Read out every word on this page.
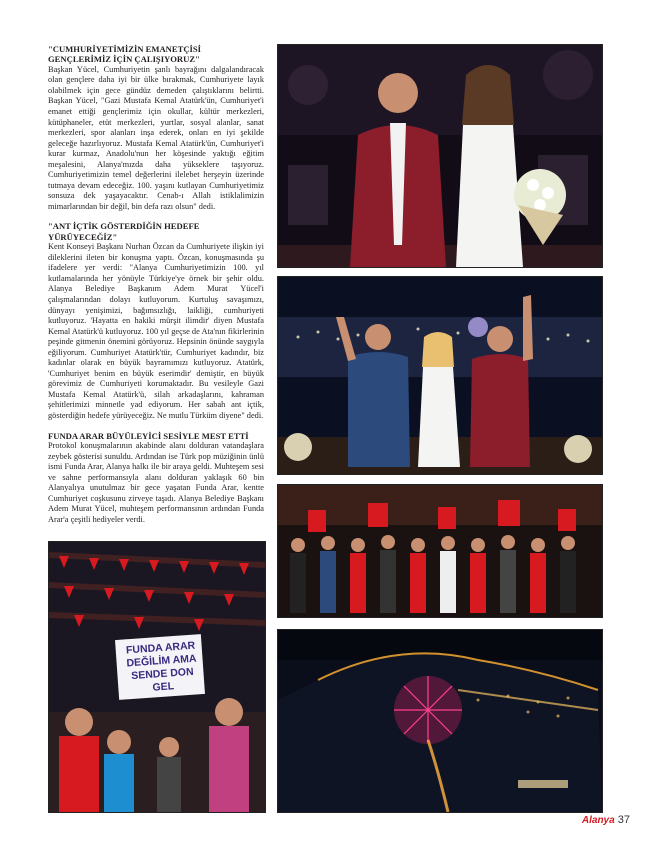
"CUMHURİYETİMİZİN EMANETÇİSİ GENÇLERİMİZ İÇİN ÇALIŞIYORUZ"

Başkan Yücel, Cumhuriyetin şanlı bayrağını dalgalandıracak olan gençlere daha iyi bir ülke bırakmak, Cumhuriyete layık olabilmek için gece gündüz demeden çalıştıklarını belirtti. Başkan Yücel, "Gazi Mustafa Kemal Atatürk'ün, Cumhuriyet'i emanet ettiği gençlerimiz için okullar, kültür merkezleri, kütüphaneler, etüt merkezleri, yurtlar, sosyal alanlar, sanat merkezleri, spor alanları inşa ederek, onları en iyi şekilde geleceğe hazırlıyoruz. Mustafa Kemal Atatürk'ün, Cumhuriyet'i kurar kurmaz, Anadolu'nun her köşesinde yaktığı eğitim meşalesini, Alanya'mızda daha yükseklere taşıyoruz. Cumhuriyetimizin temel değerlerini ilelebet herşeyin üzerinde tutmaya devam edeceğiz. 100. yaşını kutlayan Cumhuriyetimiz sonsuza dek yaşayacaktır. Cenab-ı Allah istiklalimizin mimarlarından bir değil, bin defa razı olsun" dedi.

"ANT İÇTİK GÖSTERDİĞİN HEDEFE YÜRÜYECEĞİZ"

Kent Konseyi Başkanı Nurhan Özcan da Cumhuriyete ilişkin iyi dileklerini ileten bir konuşma yaptı. Özcan, konuşmasında şu ifadelere yer verdi: "Alanya Cumhuriyetimizin 100. yıl kutlamalarında her yönüyle Türkiye'ye örnek bir şehir oldu. Alanya Belediye Başkanım Adem Murat Yücel'i çalışmalarından dolayı kutluyorum. Kurtuluş savaşımızı, dünyayı yenişimizi, bağımsızlığı, laikliği, cumhuriyeti kutluyoruz. 'Hayatta en hakiki mürşit ilimdir' diyen Mustafa Kemal Atatürk'ü kutluyoruz. 100 yıl geçse de Ata'nın fikirlerinin peşinde gitmenin önemini görüyoruz. Hepsinin önünde saygıyla eğiliyorum. Cumhuriyet Atatürk'tür, Cumhuriyet kadındır, biz kadınlar olarak en büyük bayramımızı kutluyoruz. Atatürk, 'Cumhuriyet benim en büyük eserimdir' demiştir, en büyük görevimiz de Cumhuriyeti korumaktadır. Bu vesileyle Gazi Mustafa Kemal Atatürk'ü, silah arkadaşlarını, kahraman şehitlerimizi minnetle yad ediyorum. Her sabah ant içtik, gösterdiğin hedefe yürüyeceğiz. Ne mutlu Türküm diyene" dedi.

FUNDA ARAR BÜYÜLEYİCİ SESİYLE MEST ETTİ

Protokol konuşmalarının akabinde alanı dolduran vatandaşlara zeybek gösterisi sunuldu. Ardından ise Türk pop müziğinin ünlü ismi Funda Arar, Alanya halkı ile bir araya geldi. Muhteşem sesi ve sahne performansıyla alanı dolduran yaklaşık 60 bin Alanyalıya unutulmaz bir gece yaşatan Funda Arar, kentte Cumhuriyet coşkusunu zirveye taşıdı. Alanya Belediye Başkanı Adem Murat Yücel, muhteşem performansının ardından Funda Arar'a çeşitli hediyeler verdi.

FUNDA ARAR
DEĞİLİM AMA
SENDE DON GEL
Alanya 37
